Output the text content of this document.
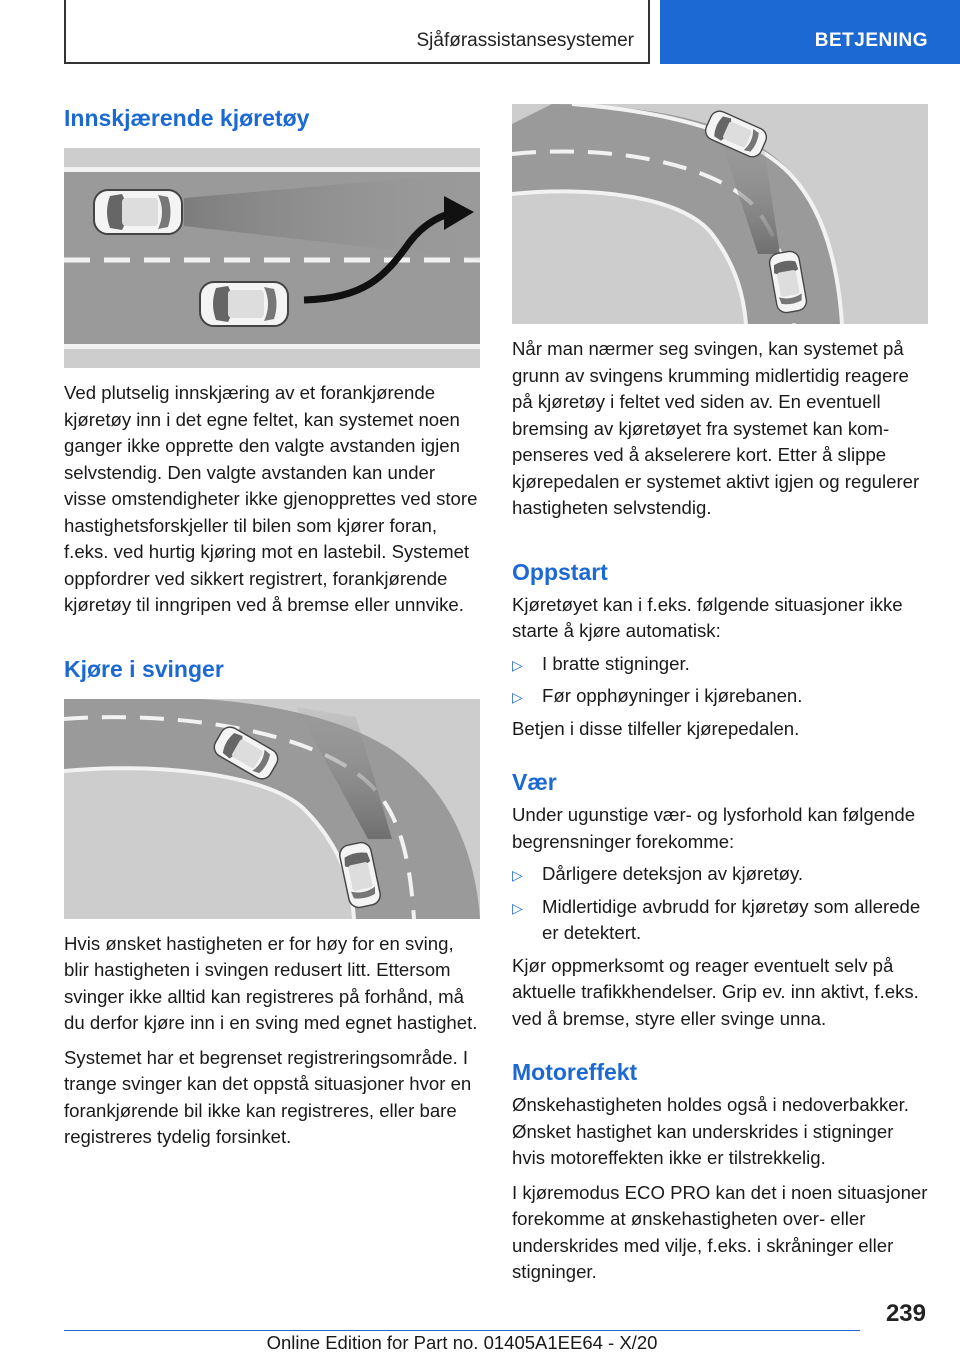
Sjåførassistansesystemer	BETJENING
Innskjærende kjøretøy

Ved plutselig innskjæring av et forankjørende kjøretøy inn i det egne feltet, kan systemet noen ganger ikke opprette den valgte avstanden igjen selvstendig. Den valgte avstanden kan under visse omstendigheter ikke gjenopprettes ved store hastighetsforskjeller til bilen som kjører foran, f.eks. ved hurtig kjøring mot en lastebil. Systemet oppfordrer ved sikkert registrert, forankjørende kjøretøy til inngripen ved å bremse eller unnvike.

Kjøre i svinger

Hvis ønsket hastigheten er for høy for en sving, blir hastigheten i svingen redusert litt. Ettersom svinger ikke alltid kan registreres på forhånd, må du derfor kjøre inn i en sving med egnet hastighet.

Systemet har et begrenset registreringsområde. I trange svinger kan det oppstå situasjoner hvor en forankjørende bil ikke kan registreres, eller bare registreres tydelig forsinket.

Når man nærmer seg svingen, kan systemet på grunn av svingens krumming midlertidig reagere på kjøretøy i feltet ved siden av. En eventuell bremsing av kjøretøyet fra systemet kan kompenseres ved å akselerere kort. Etter å slippe kjørepedalen er systemet aktivt igjen og regulerer hastigheten selvstendig.

Oppstart

Kjøretøyet kan i f.eks. følgende situasjoner ikke starte å kjøre automatisk:

▷ I bratte stigninger.
▷ Før opphøyninger i kjørebanen.

Betjen i disse tilfeller kjørepedalen.

Vær

Under ugunstige vær- og lysforhold kan følgende begrensninger forekomme:

▷ Dårligere deteksjon av kjøretøy.
▷ Midlertidige avbrudd for kjøretøy som allerede er detektert.

Kjør oppmerksomt og reager eventuelt selv på aktuelle trafikkhendelser. Grip ev. inn aktivt, f.eks. ved å bremse, styre eller svinge unna.

Motoreffekt

Ønskehastigheten holdes også i nedoverbakker. Ønsket hastighet kan underskrides i stigninger hvis motoreffekten ikke er tilstrekkelig.

I kjøremodus ECO PRO kan det i noen situasjoner forekomme at ønskehastigheten over- eller underskrides med vilje, f.eks. i skråninger eller stigninger.

239
Online Edition for Part no. 01405A1EE64 - X/20
